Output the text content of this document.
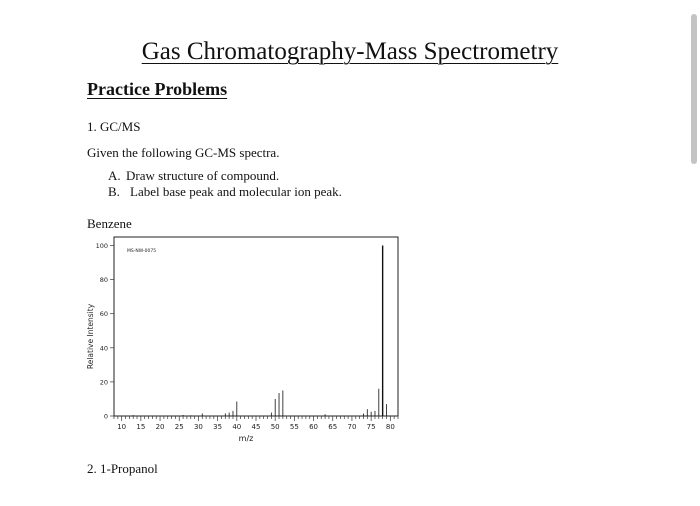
Gas Chromatography-Mass Spectrometry
Practice Problems

1. GC/MS

Given the following GC-MS spectra.

A. Draw structure of compound.
B. Label base peak and molecular ion peak.

Benzene

10 15 20 25 30 35 40 45 50 55 60 65 70 75 80
0
20
40
60
80
100
m/z
Relative Intensity
MS-NW-0075

2. 1-Propanol
